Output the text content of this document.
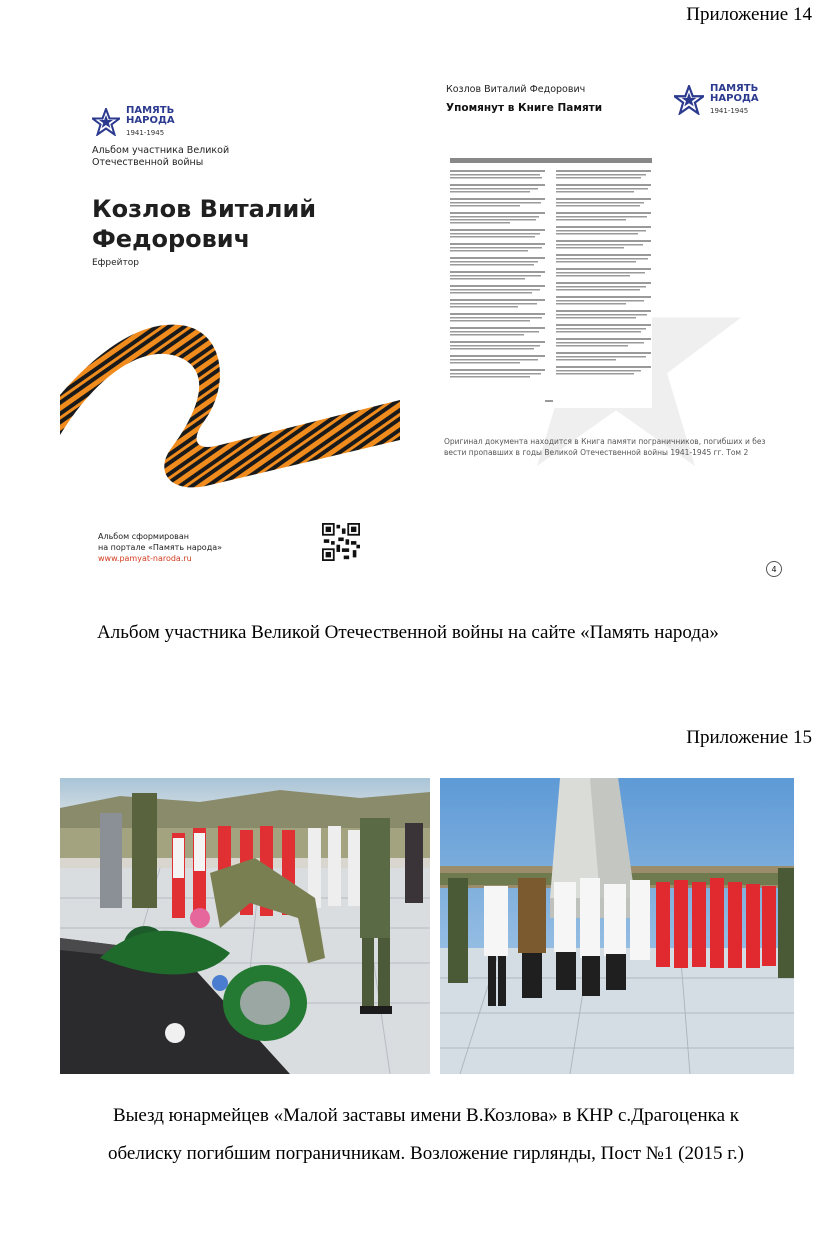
Приложение 14
ПАМЯТЬ
НАРОДА
1941-1945
Альбом участника Великой Отечественной войны
Козлов Виталий
Федорович
Ефрейтор
Альбом сформирован
на портале «Память народа»
www.pamyat-naroda.ru
Козлов Виталий Федорович
Упомянут в Книге Памяти
ПАМЯТЬ
НАРОДА
1941-1945
Оригинал документа находится в Книга памяти пограничников, погибших и без вести пропавших в годы Великой Отечественной войны 1941-1945 гг. Том 2
4
Альбом участника Великой Отечественной войны на сайте «Память народа»
Приложение 15
Выезд юнармейцев «Малой заставы имени В.Козлова» в КНР с.Драгоценка к
обелиску погибшим пограничникам. Возложение гирлянды, Пост №1 (2015 г.)
